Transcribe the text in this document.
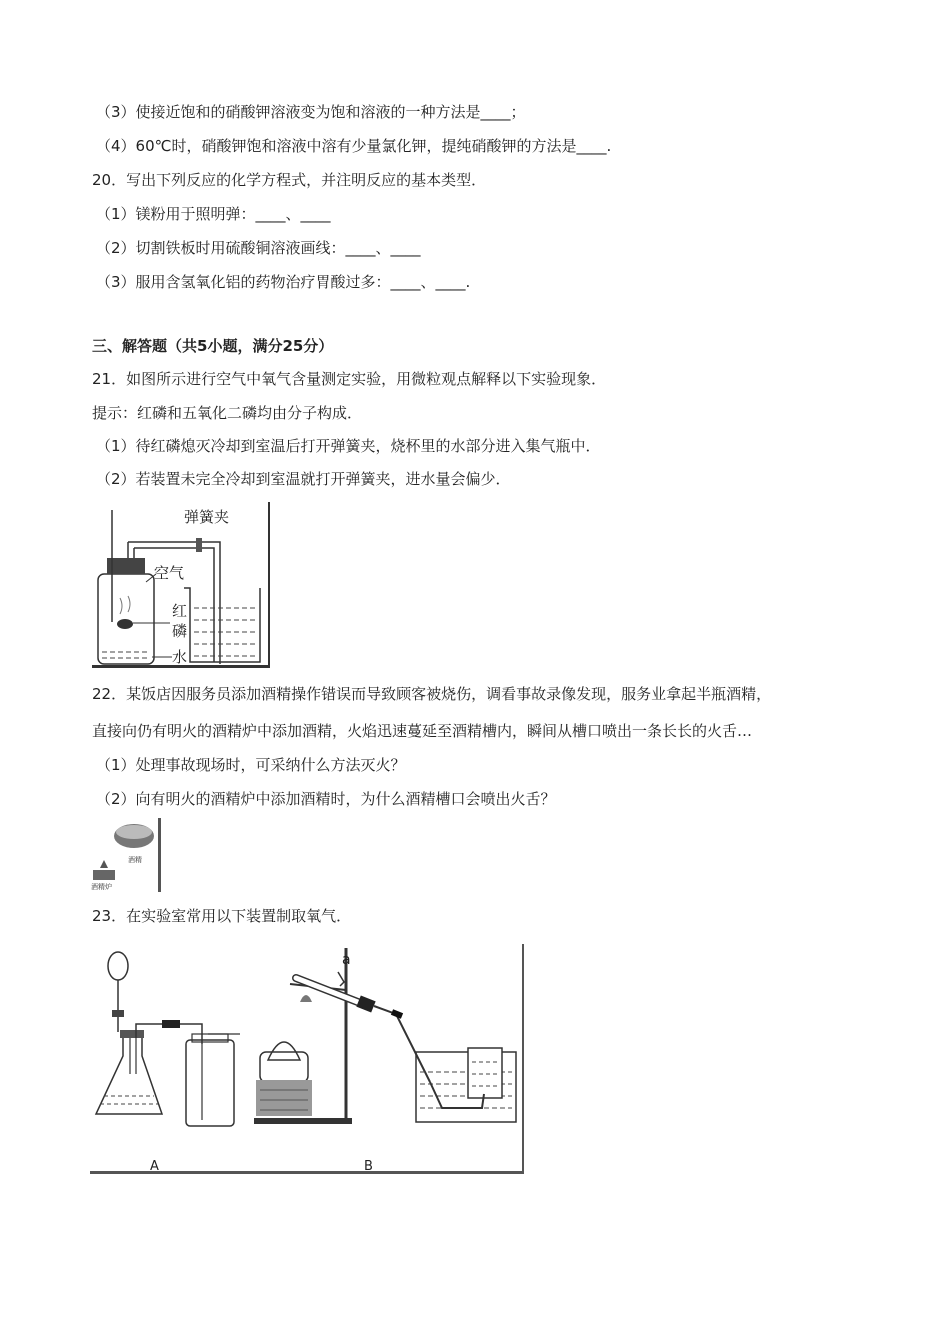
（3）使接近饱和的硝酸钾溶液变为饱和溶液的一种方法是____；
（4）60℃时，硝酸钾饱和溶液中溶有少量氯化钾，提纯硝酸钾的方法是____.
20．写出下列反应的化学方程式，并注明反应的基本类型．
（1）镁粉用于照明弹：____、____
（2）切割铁板时用硫酸铜溶液画线：____、____
（3）服用含氢氧化铝的药物治疗胃酸过多：____、____.
三、解答题（共5小题，满分25分）
21．如图所示进行空气中氧气含量测定实验，用微粒观点解释以下实验现象．
提示：红磷和五氧化二磷均由分子构成．
（1）待红磷熄灭冷却到室温后打开弹簧夹，烧杯里的水部分进入集气瓶中．
（2）若装置未完全冷却到室温就打开弹簧夹，进水量会偏少．
弹簧夹
空气
红
磷
水
22．某饭店因服务员添加酒精操作错误而导致顾客被烧伤，调看事故录像发现，服务业拿起半瓶酒精，
直接向仍有明火的酒精炉中添加酒精，火焰迅速蔓延至酒精槽内，瞬间从槽口喷出一条长长的火舌…
（1）处理事故现场时，可采纳什么方法灭火？
（2）向有明火的酒精炉中添加酒精时，为什么酒精槽口会喷出火舌？
酒精
酒精炉
23．在实验室常用以下装置制取氧气．
A
a
B
